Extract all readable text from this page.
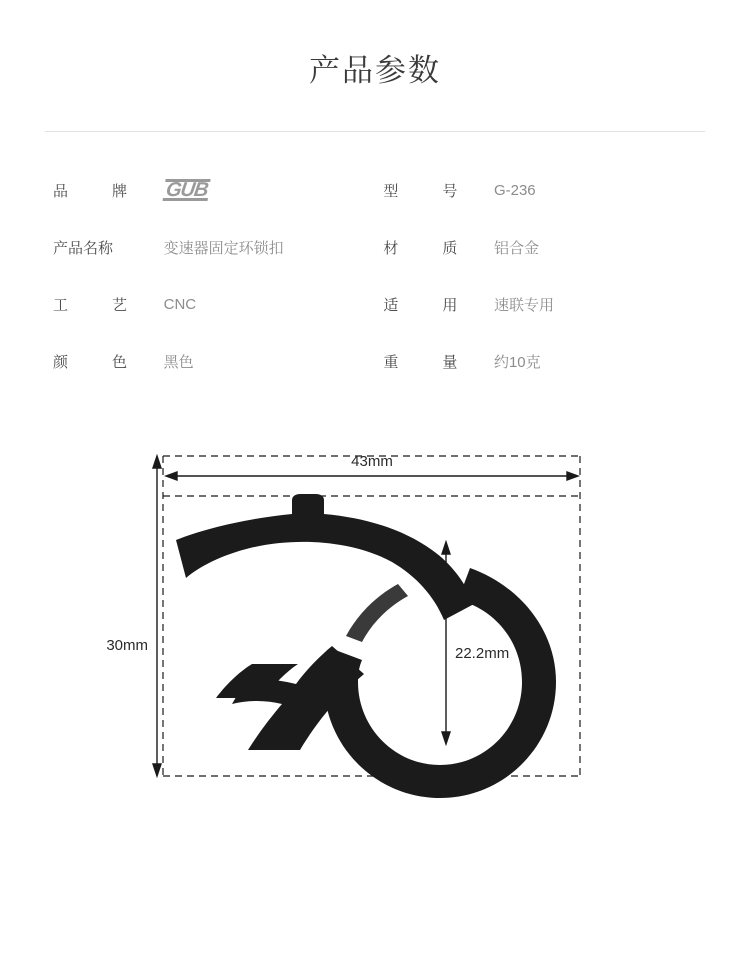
产品参数
品 牌	GUB	型 号	G-236
产品名称	变速器固定环锁扣	材 质	铝合金
工 艺	CNC	适 用	速联专用
颜 色	黑色	重 量	约10克
43mm
30mm	22.2mm
